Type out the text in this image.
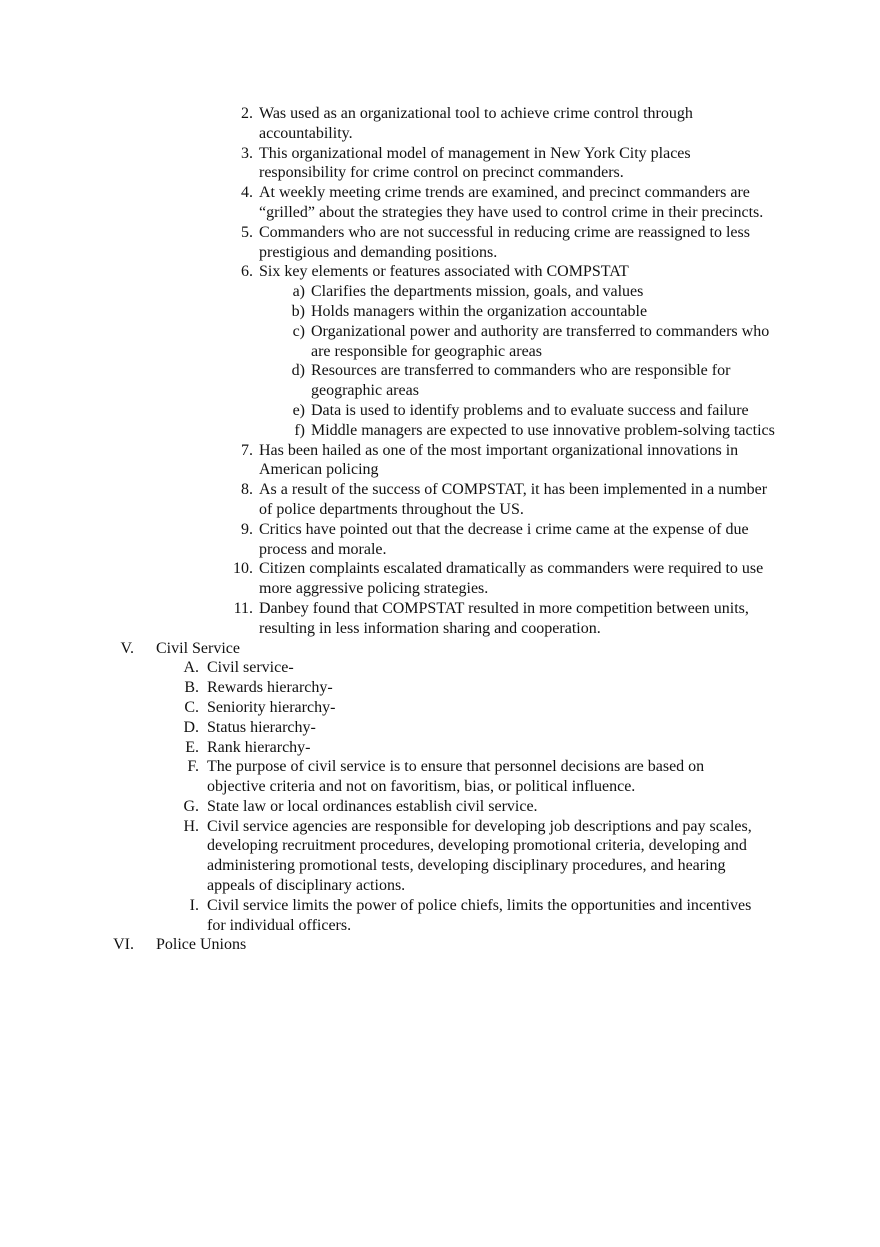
2. Was used as an organizational tool to achieve crime control through accountability.
3. This organizational model of management in New York City places responsibility for crime control on precinct commanders.
4. At weekly meeting crime trends are examined, and precinct commanders are “grilled” about the strategies they have used to control crime in their precincts.
5. Commanders who are not successful in reducing crime are reassigned to less prestigious and demanding positions.
6. Six key elements or features associated with COMPSTAT
a) Clarifies the departments mission, goals, and values
b) Holds managers within the organization accountable
c) Organizational power and authority are transferred to commanders who are responsible for geographic areas
d) Resources are transferred to commanders who are responsible for geographic areas
e) Data is used to identify problems and to evaluate success and failure
f) Middle managers are expected to use innovative problem-solving tactics
7. Has been hailed as one of the most important organizational innovations in American policing
8. As a result of the success of COMPSTAT, it has been implemented in a number of police departments throughout the US.
9. Critics have pointed out that the decrease i crime came at the expense of due process and morale.
10. Citizen complaints escalated dramatically as commanders were required to use more aggressive policing strategies.
11. Danbey found that COMPSTAT resulted in more competition between units, resulting in less information sharing and cooperation.
V. Civil Service
A. Civil service-
B. Rewards hierarchy-
C. Seniority hierarchy-
D. Status hierarchy-
E. Rank hierarchy-
F. The purpose of civil service is to ensure that personnel decisions are based on objective criteria and not on favoritism, bias, or political influence.
G. State law or local ordinances establish civil service.
H. Civil service agencies are responsible for developing job descriptions and pay scales, developing recruitment procedures, developing promotional criteria, developing and administering promotional tests, developing disciplinary procedures, and hearing appeals of disciplinary actions.
I. Civil service limits the power of police chiefs, limits the opportunities and incentives for individual officers.
VI. Police Unions
